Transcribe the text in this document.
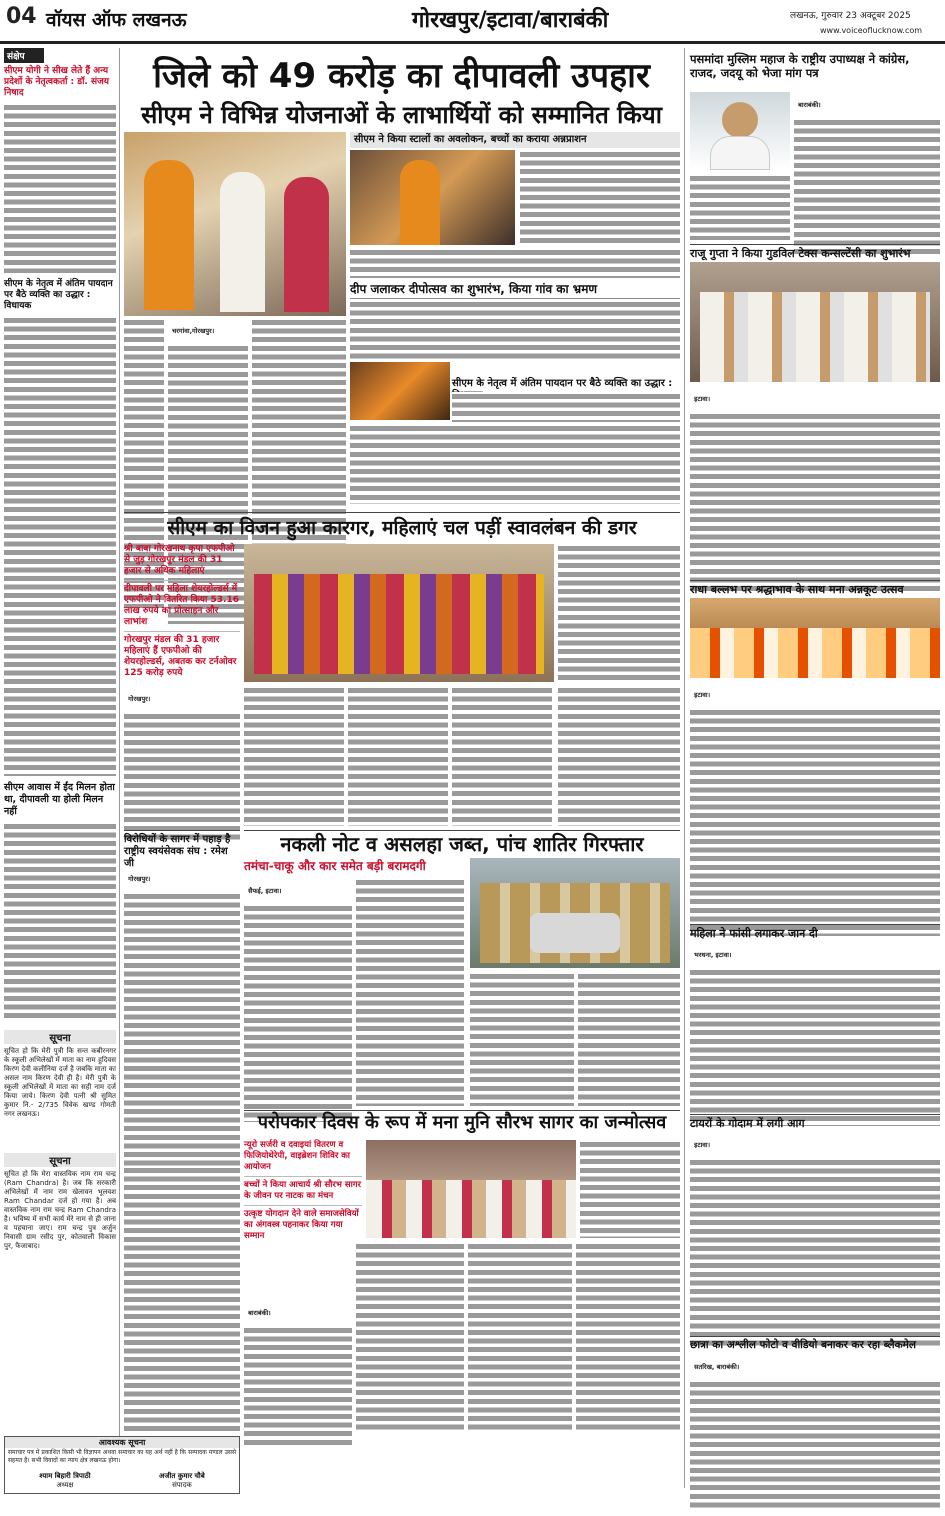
04 वॉयस ऑफ लखनऊ	गोरखपुर/इटावा/बाराबंकी	लखनऊ, गुरुवार 23 अक्टूबर 2025
www.voiceoflucknow.com
संक्षेप
सीएम योगी ने सीख लेते हैं अन्य प्रदेशों के नेतृत्वकर्ता : डॉ. संजय निषाद
सीएम के नेतृत्व में अंतिम पायदान पर बैठे व्यक्ति का उद्धार : विधायक
सीएम आवास में ईंद मिलन होता था, दीपावली या होली मिलन नहीं
सूचना
सूचित हो कि मेरी पुत्री कि सन्त कबीरनगर के स्कूली अभिलेखों में माता का नाम हुदिवस किरण देवी कलीनिया दर्ज है जबकि माता का असल नाम किरण देवी ही है। मेरी पुत्री के स्कूली अभिलेखों में माता का सही नाम दर्ज किया जाये। किरण देवी पत्नी श्री सुमित कुमार नि.- 2/735 विवेक खण्ड गोमती नगर लखनऊ।
सूचना
सूचित हो कि मेरा वास्तविक नाम राम चन्द्र (Ram Chandra) है। जब कि सरकारी अभिलेखों में नाम राम खेलावन भूलवश Ram Chandar दर्ज हो गया है। अब वास्तविक नाम राम चन्द्र Ram Chandra है। भविष्य में सभी कार्य मेरे नाम से ही जाना व पहचाना जाए। राम चन्द्र पुत्र अर्जुन निवासी ग्राम रसीद पुर, कोतवाली विकास पुर, फैजाबाद।
जिले को 49 करोड़ का दीपावली उपहार
सीएम ने विभिन्न योजनाओं के लाभार्थियों को सम्मानित किया

चरगांवा,गोरखपुर।

सीएम ने किया स्टालों का अवलोकन, बच्चों का कराया अन्नप्राशन
दीप जलाकर दीपोत्सव का शुभारंभ, किया गांव का भ्रमण
सीएम के नेतृत्व में अंतिम पायदान पर बैठे व्यक्ति का उद्धार :
सीएम का विजन हुआ कारगर, महिलाएं चल पड़ीं स्वावलंबन की डगर
श्री बाबा गोरखनाथ कृपा एफपीओ से जुड़ गोरखपुर मंडल की 31 हजार से अधिक महिलाएं
दीपावली पर महिला शेयरहोल्डर्स में एफपीओ ने वितरित किया 53.16 लाख रुपये का प्रोत्साहन और लाभांश
गोरखपुर मंडल की 31 हजार महिलाएं हैं एफपीओ की शेयरहोल्डर्स, अबतक कर टर्नओवर 125 करोड़ रुपये

गोरखपुर।

विरोधियों के सागर में पहाड़ है राष्ट्रीय स्वयंसेवक संघ : रमेश जी

गोरखपुर।

नकली नोट व असलहा जब्त, पांच शातिर गिरफ्तार
तमंचा-चाकू और कार समेत बड़ी बरामदगी

सैफई, इटावा।

परोपकार दिवस के रूप में मना मुनि सौरभ सागर का जन्मोत्सव
न्यूरो सर्जरी व दवाइयां वितरण व फिजियोथेरेपी, वाइब्रेशन शिविर का आयोजन
बच्चों ने किया आचार्य श्री सौरभ सागर के जीवन पर नाटक का मंचन
उत्कृष्ट योगदान देने वाले समाजसेवियों का अंगवस्त्र पहनाकर किया गया सम्मान

बाराबंकी।

आवश्यक सूचना
समाचार पत्र में प्रकाशित किसी भी विज्ञापन अथवा समाचार का यह अर्थ नहीं है कि सम्पादक मण्डल उससे सहमत है। सभी विवादों का न्याय क्षेत्र लखनऊ होगा।
श्याम बिहारी त्रिपाठी
अध्यक्ष
अजीत कुमार चौबे
संपादक
पसमांदा मुस्लिम महाज के राष्ट्रीय उपाध्यक्ष ने कांग्रेस, राजद, जदयू को भेजा मांग पत्र

बाराबंकी।

राजू गुप्ता ने किया गुडविल टेक्स कन्सल्टेंसी का शुभारंभ

इटावा।

राधा बल्लभ पर श्रद्धाभाव के साथ मना अन्नकूट उत्सव

इटावा।

महिला ने फांसी लगाकर जान दी

भरथना, इटावा।

टायरों के गोदाम में लगी आग

इटावा।

छात्रा का अश्लील फोटो व वीडियो बनाकर कर रहा ब्लैकमेल

सतरिख, बाराबंकी।
